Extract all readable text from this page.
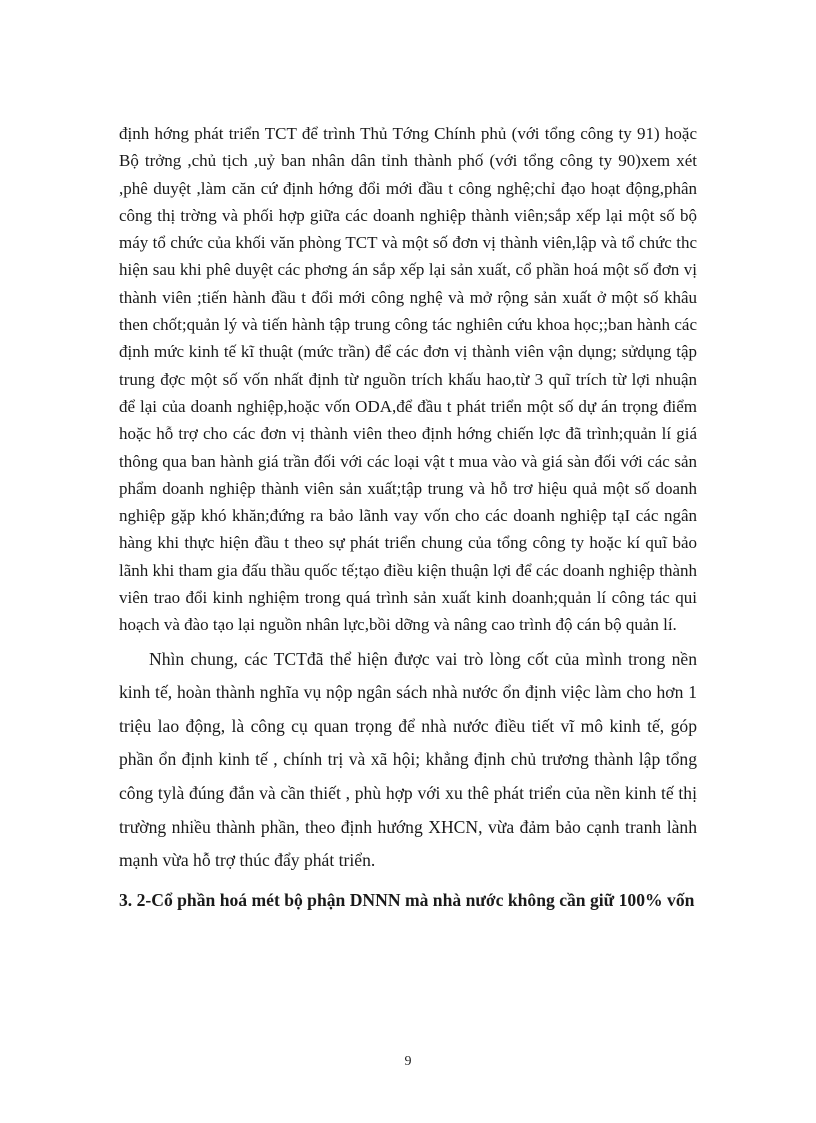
định hớng phát triển TCT để trình Thủ Tớng Chính phủ (với tổng công ty 91) hoặc Bộ trởng ,chủ tịch ,uỷ ban nhân dân tỉnh thành phố (với tổng công ty 90)xem xét ,phê duyệt ,làm căn cứ định hớng đổi mới đầu t công nghệ;chỉ đạo hoạt động,phân công thị trờng và phối hợp giữa các doanh nghiệp thành viên;sắp xếp lại một số bộ máy tổ chức của khối văn phòng TCT và một số đơn vị thành viên,lập và tổ chức thc hiện sau khi phê duyệt các phơng án sắp xếp lại sản xuất, cổ phần hoá một số đơn vị thành viên ;tiến hành đầu t đổi mới công nghệ và mở rộng sản xuất ở một số khâu then chốt;quản lý và tiến hành tập trung công tác nghiên cứu khoa học;;ban hành các định mức kinh tế kĩ thuật (mức trần) để các đơn vị thành viên vận dụng; sửdụng tập trung đợc một số vốn nhất định từ nguồn trích khấu hao,từ 3 quĩ trích từ lợi nhuận để lại của doanh nghiệp,hoặc vốn ODA,để đầu t phát triển một số dự án trọng điểm hoặc hỗ trợ cho các đơn vị thành viên theo định hớng chiến lợc đã trình;quản lí giá thông qua ban hành giá trần đối với các loại vật t mua vào và giá sàn đối với các sản phẩm doanh nghiệp thành viên sản xuất;tập trung và hỗ trơ hiệu quả một số doanh nghiệp gặp khó khăn;đứng ra bảo lãnh vay vốn cho các doanh nghiệp tạI các ngân hàng khi thực hiện đầu t theo sự phát triển chung của tổng công ty hoặc kí quĩ bảo lãnh khi tham gia đấu thầu quốc tế;tạo điều kiện thuận lợi để các doanh nghiệp thành viên trao đổi kinh nghiệm trong quá trình sản xuất kinh doanh;quản lí công tác qui hoạch và đào tạo lại nguồn nhân lực,bồi dỡng và nâng cao trình độ cán bộ quản lí.

Nhìn chung, các TCTđã thể hiện được vai trò lòng cốt của mình trong nền kinh tế, hoàn thành nghĩa vụ nộp ngân sách nhà nước ổn định việc làm cho hơn 1 triệu lao động, là công cụ quan trọng để nhà nước điều tiết vĩ mô kinh tế, góp phần ổn định kinh tế , chính trị và xã hội; khẳng định chủ trương thành lập tổng công tylà đúng đắn và cần thiết , phù hợp với xu thê phát triển của nền kinh tế thị trường nhiều thành phần, theo định hướng XHCN, vừa đảm bảo cạnh tranh lành mạnh vừa hỗ trợ thúc đẩy phát triển.

3. 2-Cổ phần hoá mét bộ phận DNNN mà nhà nước không cần giữ 100% vốn

9
